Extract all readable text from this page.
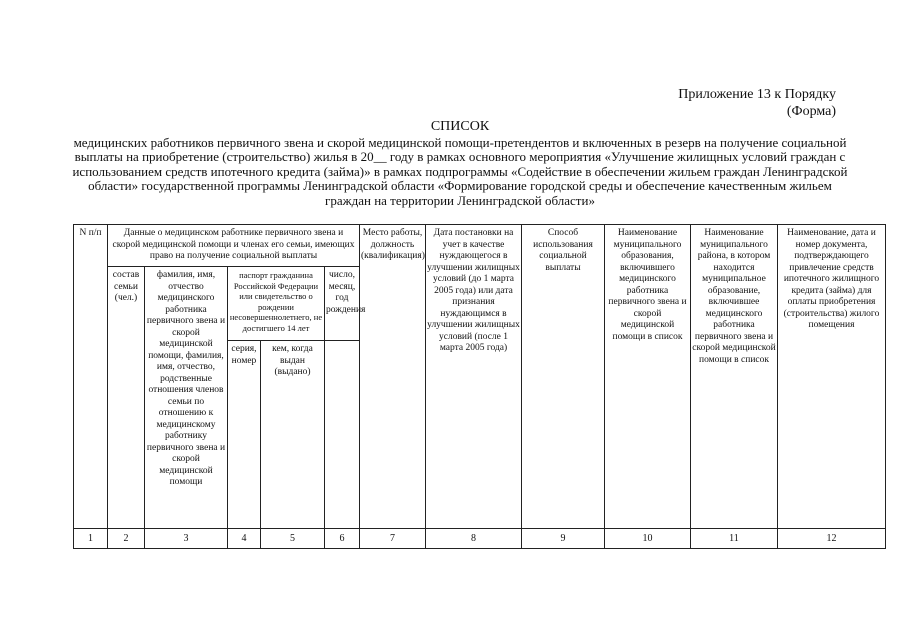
Приложение 13 к Порядку
(Форма)
СПИСОК
медицинских работников первичного звена и скорой медицинской помощи-претендентов и включенных в резерв на получение социальной
выплаты на приобретение (строительство) жилья в 20__ году в рамках основного мероприятия «Улучшение жилищных условий граждан с
использованием средств ипотечного кредита (займа)» в рамках подпрограммы «Содействие в обеспечении жильем граждан Ленинградской
области» государственной программы Ленинградской области «Формирование городской среды и обеспечение качественным жильем
граждан на территории Ленинградской области»
N п/п	Данные о медицинском работнике первичного звена и скорой медицинской помощи и членах его семьи, имеющих право на получение социальной выплаты					Место работы, должность (квалификация)	Дата постановки на учет в качестве нуждающегося в улучшении жилищных условий (до 1 марта 2005 года) или дата признания нуждающимся в улучшении жилищных условий (после 1 марта 2005 года)	Способ использования социальной выплаты	Наименование муниципального образования, включившего медицинского работника первичного звена и скорой медицинской помощи в список	Наименование муниципального района, в котором находится муниципальное образование, включившее медицинского работника первичного звена и скорой медицинской помощи в список	Наименование, дата и номер документа, подтверждающего привлечение средств ипотечного жилищного кредита (займа) для оплаты приобретения (строительства) жилого помещения
	состав семьи (чел.)	фамилия, имя, отчество медицинского работника первичного звена и скорой медицинской помощи, фамилия, имя, отчество, родственные отношения членов семьи по отношению к медицинскому работнику первичного звена и скорой медицинской помощи	паспорт гражданина Российской Федерации или свидетельство о рождении несовершеннолетнего, не достигшего 14 лет		число, месяц, год рождения						
			серия, номер	кем, когда выдан (выдано)							
1	2	3	4	5	6	7	8	9	10	11	12
